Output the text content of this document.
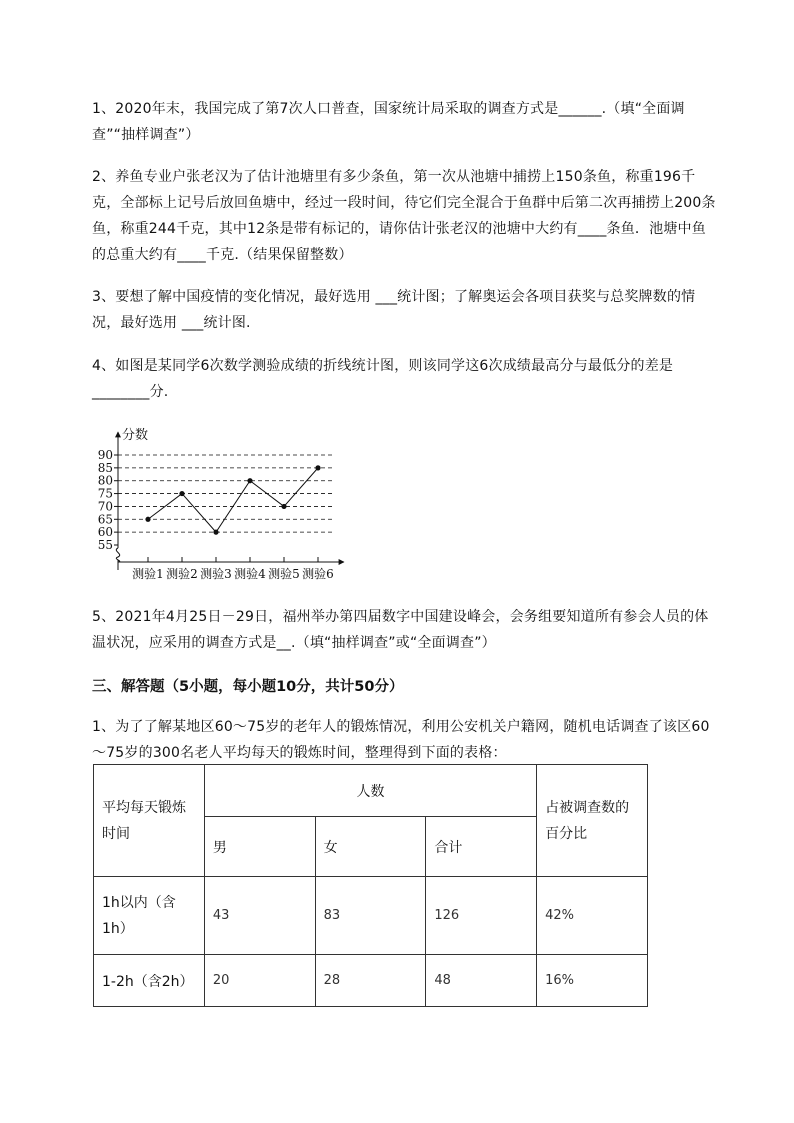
1、2020年末，我国完成了第7次人口普查，国家统计局采取的调查方式是______.（填“全面调查”“抽样调查”）

2、养鱼专业户张老汉为了估计池塘里有多少条鱼，第一次从池塘中捕捞上150条鱼，称重196千克，全部标上记号后放回鱼塘中，经过一段时间，待它们完全混合于鱼群中后第二次再捕捞上200条鱼，称重244千克，其中12条是带有标记的，请你估计张老汉的池塘中大约有____条鱼．池塘中鱼的总重大约有____千克.（结果保留整数）

3、要想了解中国疫情的变化情况，最好选用 ___统计图；了解奥运会各项目获奖与总奖牌数的情况，最好选用 ___统计图.

4、如图是某同学6次数学测验成绩的折线统计图，则该同学这6次成绩最高分与最低分的差是________分.

分数
55
60
65
70
75
80
85
90
测验1 测验2 测验3 测验4 测验5 测验6

5、2021年4月25日－29日，福州举办第四届数字中国建设峰会，会务组要知道所有参会人员的体温状况，应采用的调查方式是__.（填“抽样调查”或“全面调查”）

三、解答题（5小题，每小题10分，共计50分）

1、为了了解某地区60～75岁的老年人的锻炼情况，利用公安机关户籍网，随机电话调查了该区60～75岁的300名老人平均每天的锻炼时间，整理得到下面的表格：

平均每天锻炼时间	人数			占被调查数的百分比
	男	女	合计	
1h以内（含1h）	43	83	126	42%
1-2h（含2h）	20	28	48	16%
